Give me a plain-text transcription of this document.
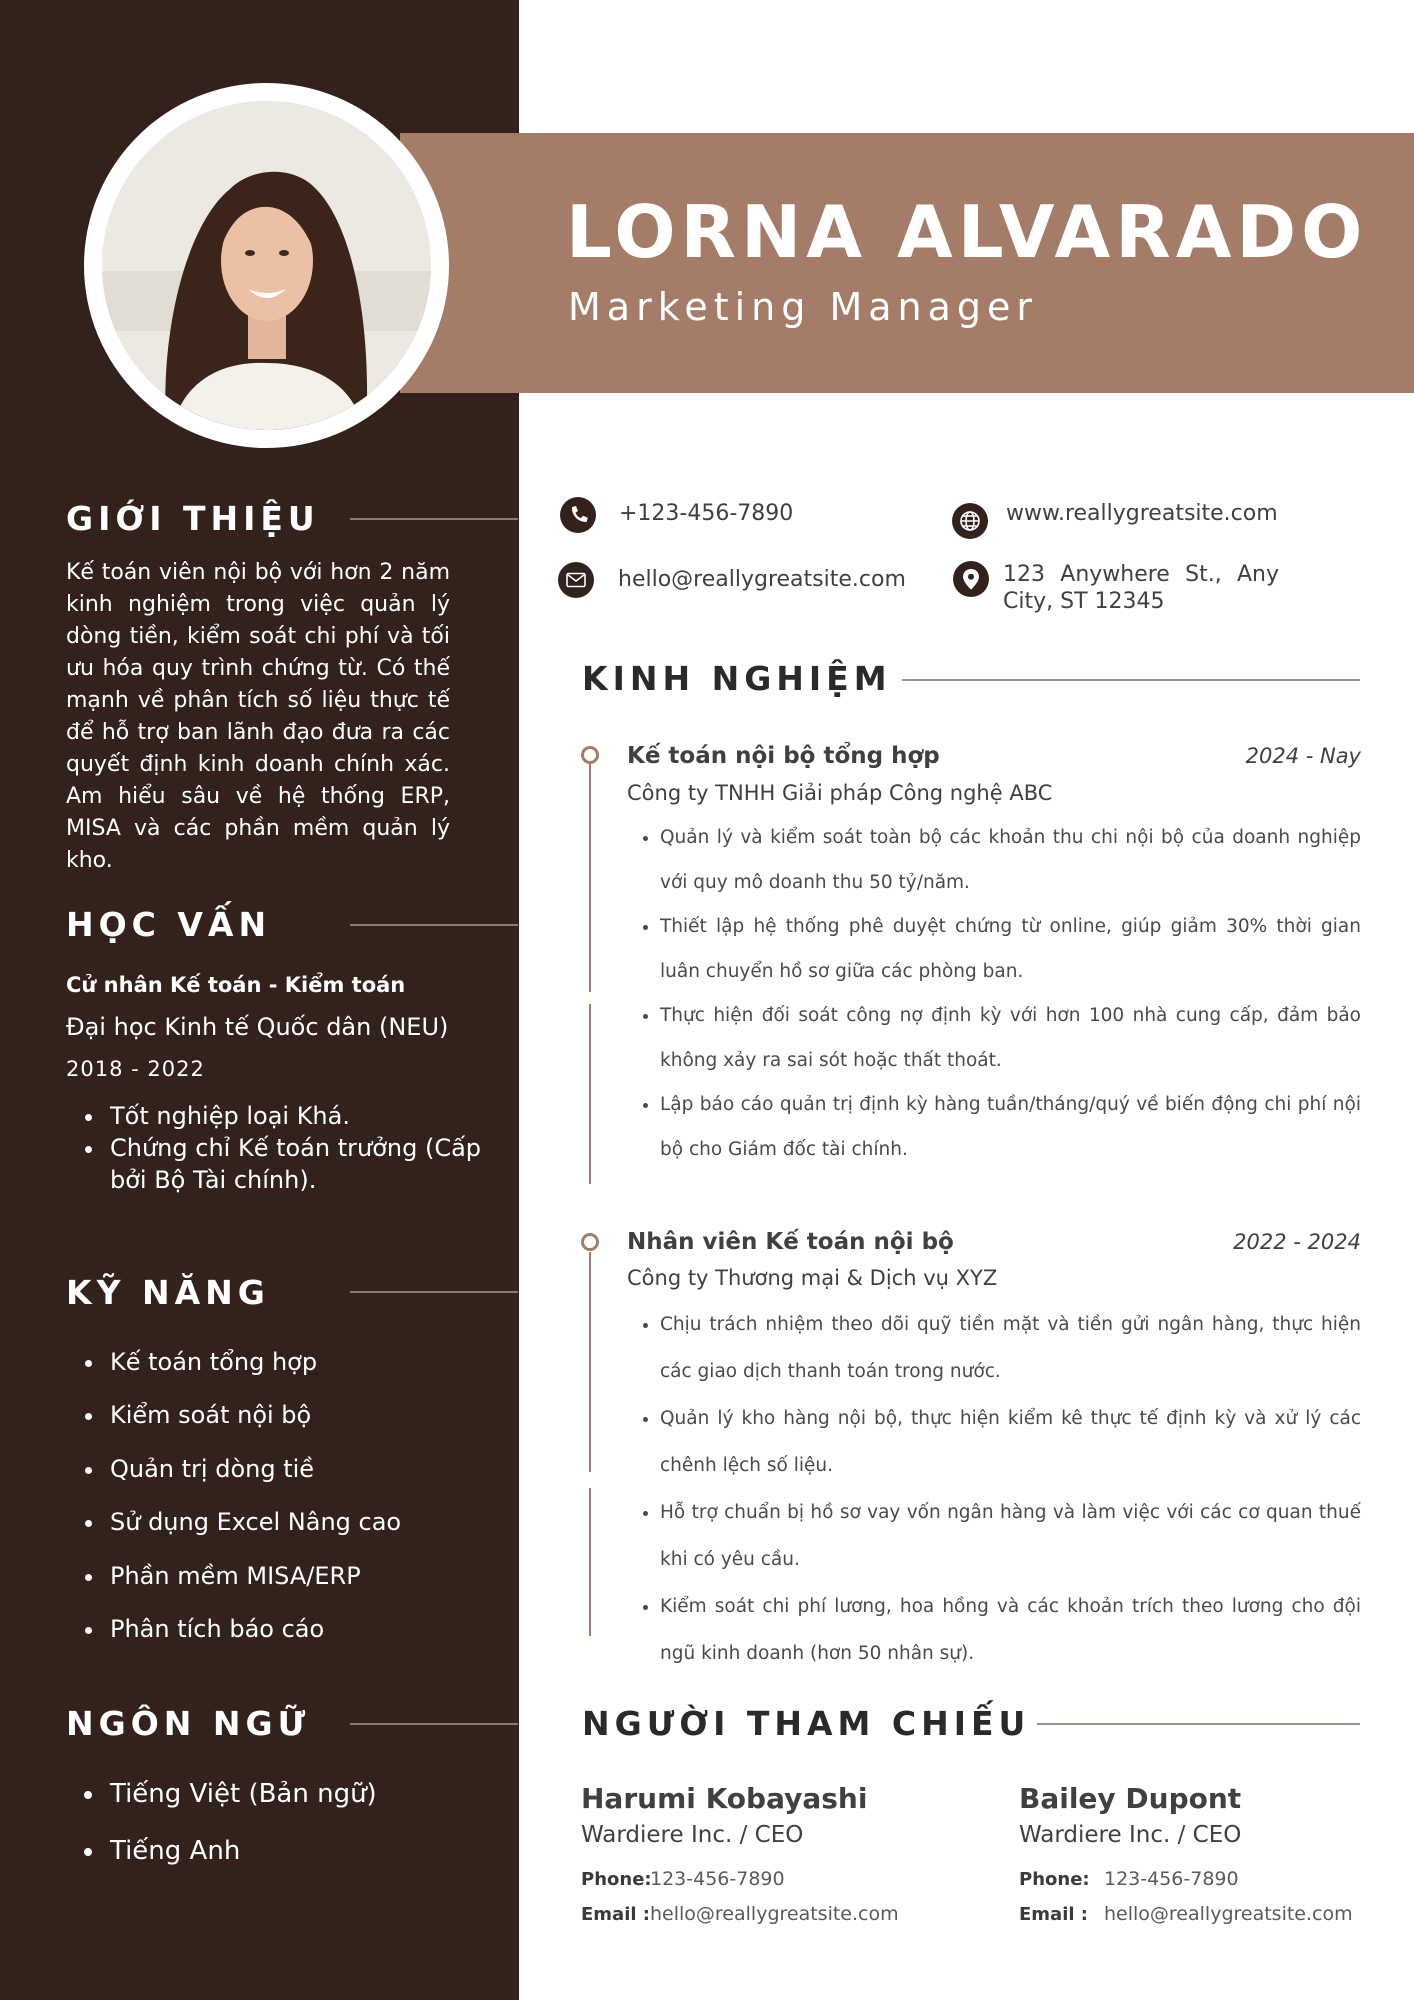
LORNA ALVARADO
Marketing Manager
GIỚI THIỆU
Kế toán viên nội bộ với hơn 2 năm kinh nghiệm trong việc quản lý dòng tiền, kiểm soát chi phí và tối ưu hóa quy trình chứng từ. Có thế mạnh về phân tích số liệu thực tế để hỗ trợ ban lãnh đạo đưa ra các quyết định kinh doanh chính xác. Am hiểu sâu về hệ thống ERP, MISA và các phần mềm quản lý kho.
HỌC VẤN
Cử nhân Kế toán - Kiểm toán
Đại học Kinh tế Quốc dân (NEU)
2018 - 2022
• Tốt nghiệp loại Khá.
• Chứng chỉ Kế toán trưởng (Cấp bởi Bộ Tài chính).
KỸ NĂNG
• Kế toán tổng hợp
• Kiểm soát nội bộ
• Quản trị dòng tiề
• Sử dụng Excel Nâng cao
• Phần mềm MISA/ERP
• Phân tích báo cáo
NGÔN NGỮ
• Tiếng Việt (Bản ngữ)
• Tiếng Anh
+123-456-7890	www.reallygreatsite.com
hello@reallygreatsite.com	123 Anywhere St., Any City, ST 12345
KINH NGHIỆM
Kế toán nội bộ tổng hợp	2024 - Nay
Công ty TNHH Giải pháp Công nghệ ABC
• Quản lý và kiểm soát toàn bộ các khoản thu chi nội bộ của doanh nghiệp với quy mô doanh thu 50 tỷ/năm.
• Thiết lập hệ thống phê duyệt chứng từ online, giúp giảm 30% thời gian luân chuyển hồ sơ giữa các phòng ban.
• Thực hiện đối soát công nợ định kỳ với hơn 100 nhà cung cấp, đảm bảo không xảy ra sai sót hoặc thất thoát.
• Lập báo cáo quản trị định kỳ hàng tuần/tháng/quý về biến động chi phí nội bộ cho Giám đốc tài chính.
Nhân viên Kế toán nội bộ	2022 - 2024
Công ty Thương mại & Dịch vụ XYZ
• Chịu trách nhiệm theo dõi quỹ tiền mặt và tiền gửi ngân hàng, thực hiện các giao dịch thanh toán trong nước.
• Quản lý kho hàng nội bộ, thực hiện kiểm kê thực tế định kỳ và xử lý các chênh lệch số liệu.
• Hỗ trợ chuẩn bị hồ sơ vay vốn ngân hàng và làm việc với các cơ quan thuế khi có yêu cầu.
• Kiểm soát chi phí lương, hoa hồng và các khoản trích theo lương cho đội ngũ kinh doanh (hơn 50 nhân sự).
NGƯỜI THAM CHIẾU
Harumi Kobayashi
Wardiere Inc. / CEO
Phone:
123-456-7890
Email : hello@reallygreatsite.com
Bailey Dupont
Wardiere Inc. / CEO
Phone: 123-456-7890
Email : hello@reallygreatsite.com
